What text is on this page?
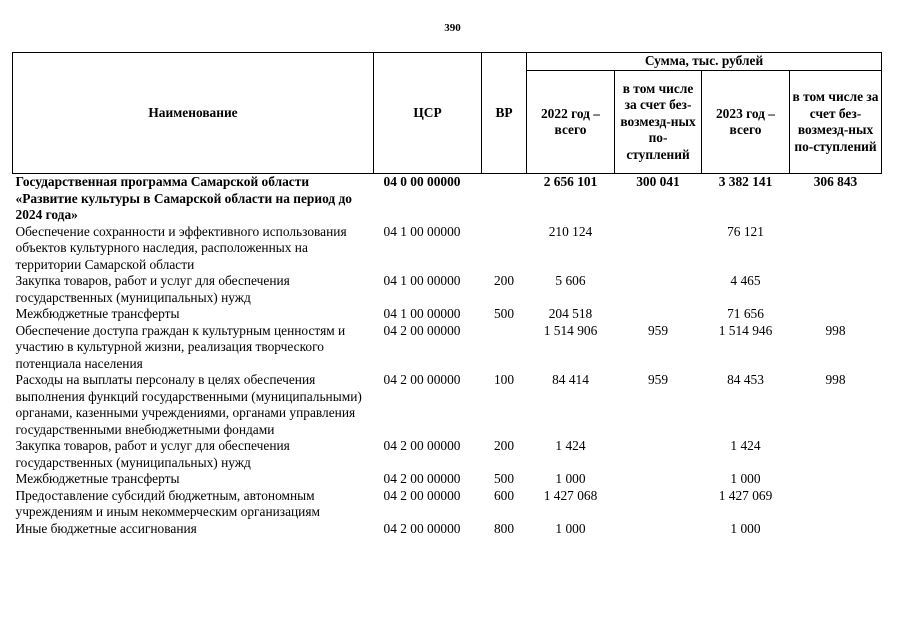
390
Наименование	ЦСР	ВР	Сумма, тыс. рублей			
			2022 год – всего	в том числе за счет без-возмезд-ных по-ступлений	2023 год – всего	в том числе за счет без-возмезд-ных по-ступлений
Государственная программа Самарской области «Развитие культуры в Самарской области на период до 2024 года»	04 0 00 00000		2 656 101	300 041	3 382 141	306 843
Обеспечение сохранности и эффективного использования объектов культурного наследия, расположенных на территории Самарской области	04 1 00 00000		210 124		76 121	
Закупка товаров, работ и услуг для обеспечения государственных (муниципальных) нужд	04 1 00 00000	200	5 606		4 465	
Межбюджетные трансферты	04 1 00 00000	500	204 518		71 656	
Обеспечение доступа граждан к культурным ценностям и участию в культурной жизни, реализация творческого потенциала населения	04 2 00 00000		1 514 906	959	1 514 946	998
Расходы на выплаты персоналу в целях обеспечения выполнения функций государственными (муниципальными) органами, казенными учреждениями, органами управления государственными внебюджетными фондами	04 2 00 00000	100	84 414	959	84 453	998
Закупка товаров, работ и услуг для обеспечения государственных (муниципальных) нужд	04 2 00 00000	200	1 424		1 424	
Межбюджетные трансферты	04 2 00 00000	500	1 000		1 000	
Предоставление субсидий бюджетным, автономным учреждениям и иным некоммерческим организациям	04 2 00 00000	600	1 427 068		1 427 069	
Иные бюджетные ассигнования	04 2 00 00000	800	1 000		1 000	
